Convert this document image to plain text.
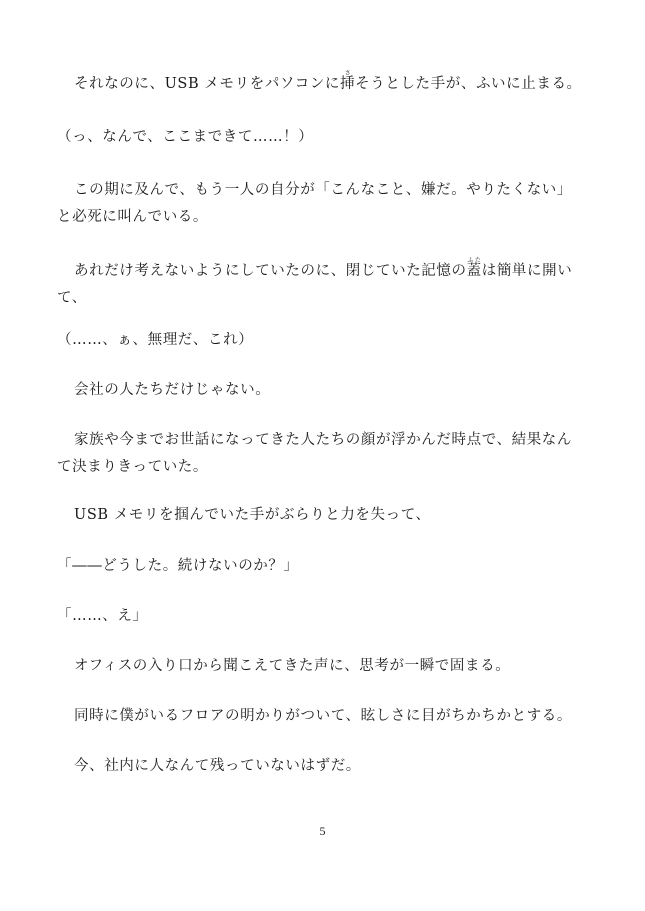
それなのに、USB メモリをパソコンに挿さそうとした手が、ふいに止まる。

（っ、なんで、ここまできて……！）

この期に及んで、もう一人の自分が「こんなこと、嫌だ。やりたくない」
と必死に叫んでいる。

あれだけ考えないようにしていたのに、閉じていた記憶の蓋ふたは簡単に開い
て、

（……、ぁ、無理だ、これ）

会社の人たちだけじゃない。

家族や今までお世話になってきた人たちの顔が浮かんだ時点で、結果なん
て決まりきっていた。

USB メモリを掴んでいた手がぶらりと力を失って、

「――どうした。続けないのか？」

「……、え」

オフィスの入り口から聞こえてきた声に、思考が一瞬で固まる。

同時に僕がいるフロアの明かりがついて、眩しさに目がちかちかとする。

今、社内に人なんて残っていないはずだ。

5
